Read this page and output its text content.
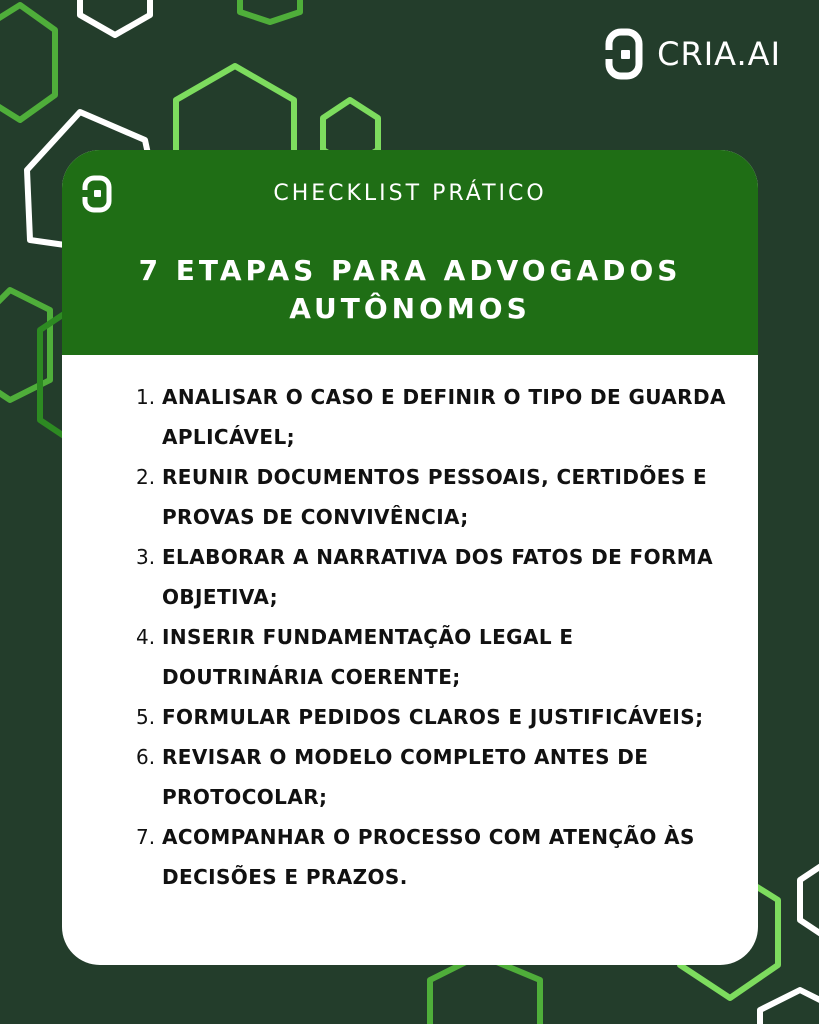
CRIA.AI
CHECKLIST PRÁTICO
7 ETAPAS PARA ADVOGADOS AUTÔNOMOS
1. ANALISAR O CASO E DEFINIR O TIPO DE GUARDA APLICÁVEL;
2. REUNIR DOCUMENTOS PESSOAIS, CERTIDÕES E PROVAS DE CONVIVÊNCIA;
3. ELABORAR A NARRATIVA DOS FATOS DE FORMA OBJETIVA;
4. INSERIR FUNDAMENTAÇÃO LEGAL E DOUTRINÁRIA COERENTE;
5. FORMULAR PEDIDOS CLAROS E JUSTIFICÁVEIS;
6. REVISAR O MODELO COMPLETO ANTES DE PROTOCOLAR;
7. ACOMPANHAR O PROCESSO COM ATENÇÃO ÀS DECISÕES E PRAZOS.
